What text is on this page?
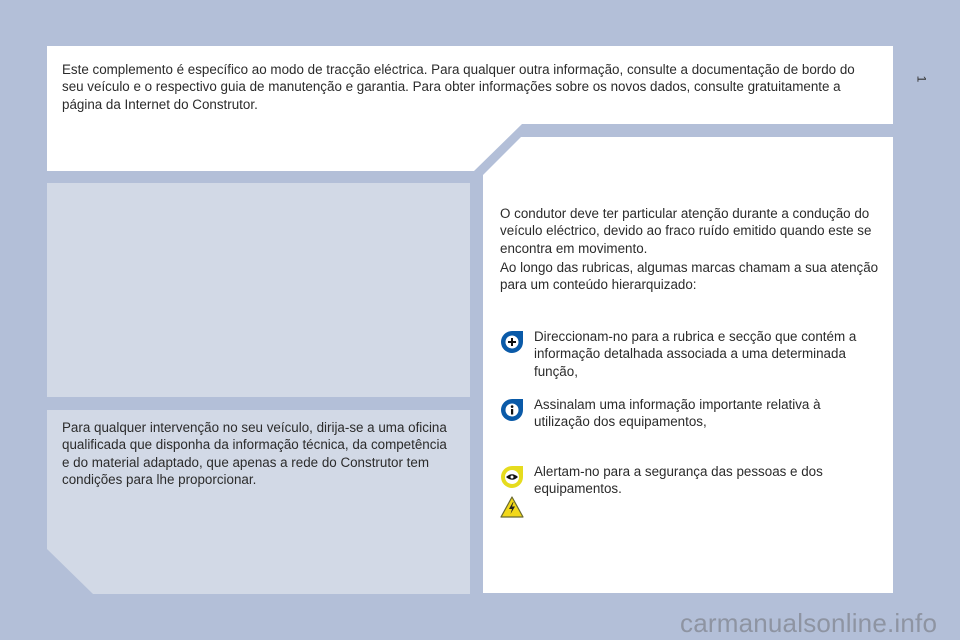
Este complemento é específico ao modo de tracção eléctrica. Para qualquer outra informação, consulte a documentação de bordo do seu veículo e o respectivo guia de manutenção e garantia. Para obter informações sobre os novos dados, consulte gratuitamente a página da Internet do Construtor.

O condutor deve ter particular atenção durante a condução do veículo eléctrico, devido ao fraco ruído emitido quando este se encontra em movimento.

Ao longo das rubricas, algumas marcas chamam a sua atenção para um conteúdo hierarquizado:

Direccionam-no para a rubrica e secção que contém a informação detalhada associada a uma determinada função,
Assinalam uma informação importante relativa à utilização dos equipamentos,
Alertam-no para a segurança das pessoas e dos equipamentos.

Para qualquer intervenção no seu veículo, dirija-se a uma oficina qualificada que disponha da informação técnica, da competência e do material adaptado, que apenas a rede do Construtor tem condições para lhe proporcionar.

1
carmanualsonline.info
